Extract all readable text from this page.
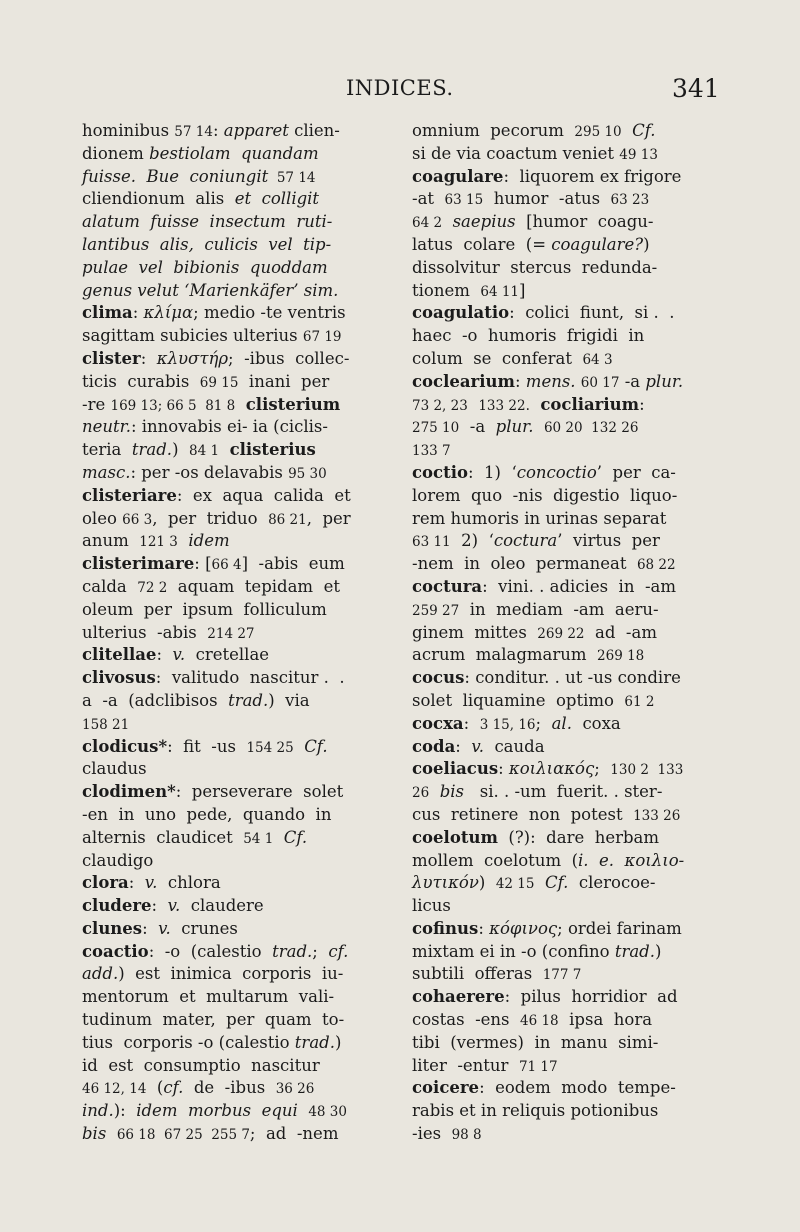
INDICES.	341
hominibus 57 14: apparet clien-
dionem bestiolam  quandam
fuisse.  Bue  coniungit  57 14
cliendionum  alis  et  colligit
alatum  fuisse  insectum  ruti-
lantibus  alis,  culicis  vel  tip-
pulae  vel  bibionis  quoddam
genus velut ‘Marienkäfer’ sim.
clima: κλίμα; medio -te ventris
sagittam subicies ulterius 67 19
clister:  κλυστήρ;  -ibus  collec-
ticis  curabis  69 15  inani  per
-re 169 13; 66 5  81 8 clisterium
neutr.: innovabis ei- ia (ciclis-
teria  trad.)  84 1 clisterius
masc.: per -os delavabis 95 30
clisteriare:  ex  aqua  calida  et
oleo 66 3,  per  triduo  86 21,  per
anum  121 3 idem
clisterimare: [66 4]  -abis  eum
calda  72 2  aquam  tepidam  et
oleum  per  ipsum  folliculum
ulterius  -abis  214 27
clitellae:  v.  cretellae
clivosus:  valitudo  nascitur .  .
a  -a  (adclibisos  trad.)  via
158 21
clodicus*:  fit  -us  154 25 Cf.
claudus
clodimen*:  perseverare  solet
-en  in  uno  pede,  quando  in
alternis  claudicet  54 1 Cf.
claudigo
clora:  v.  chlora
cludere:  v.  claudere
clunes:  v.  crunes
coactio:  -o  (calestio  trad.;  cf.
add.)  est  inimica  corporis  iu-
mentorum  et  multarum  vali-
tudinum  mater,  per  quam  to-
tius  corporis -o (calestio trad.)
id  est  consumptio  nascitur
46 12, 14  (cf.  de  -ibus  36 26
ind.):  idem  morbus  equi 48 30
bis 66 18  67 25  255 7;  ad  -nem
omnium  pecorum  295 10 Cf.
si de via coactum veniet 49 13
coagulare:  liquorem ex frigore
-at  63 15  humor  -atus  63 23
64 2 saepius  [humor  coagu-
latus  colare  (= coagulare?)
dissolvitur  stercus  redunda-
tionem  64 11]
coagulatio:  colici  fiunt,  si .  .
haec  -o  humoris  frigidi  in
colum  se  conferat  64 3
coclearium: mens. 60 17 -a plur.
73 2, 23 133 22. cocliarium:
275 10  -a  plur. 60 20  132 26
133 7
coctio:  1)  ‘concoctio’  per  ca-
lorem  quo  -nis  digestio  liquo-
rem humoris in urinas separat
63 11  2)  ‘coctura’  virtus  per
-nem  in  oleo  permaneat  68 22
coctura:  vini. . adicies  in  -am
259 27  in  mediam  -am  aeru-
ginem  mittes  269 22  ad  -am
acrum  malagmarum  269 18
cocus: conditur. . ut -us condire
solet  liquamine  optimo  61 2
cocxa:  3 15, 16;  al.  coxa
coda:  v.  cauda
coeliacus: κοιλιακός;  130 2  133
26 bis   si. . -um  fuerit. . ster-
cus  retinere  non  potest  133 26
coelotum  (?):  dare  herbam
mollem  coelotum  (i.  e. κοιλιο-
λυτικόν)  42 15 Cf.  clerocoe-
licus
cofinus: κόφινος; ordei farinam
mixtam ei in -o (confino trad.)
subtili  offeras  177 7
cohaerere:  pilus  horridior  ad
costas  -ens  46 18  ipsa  hora
tibi  (vermes)  in  manu  simi-
liter  -entur  71 17
coicere:  eodem  modo  tempe-
rabis et in reliquis potionibus
-ies  98 8
